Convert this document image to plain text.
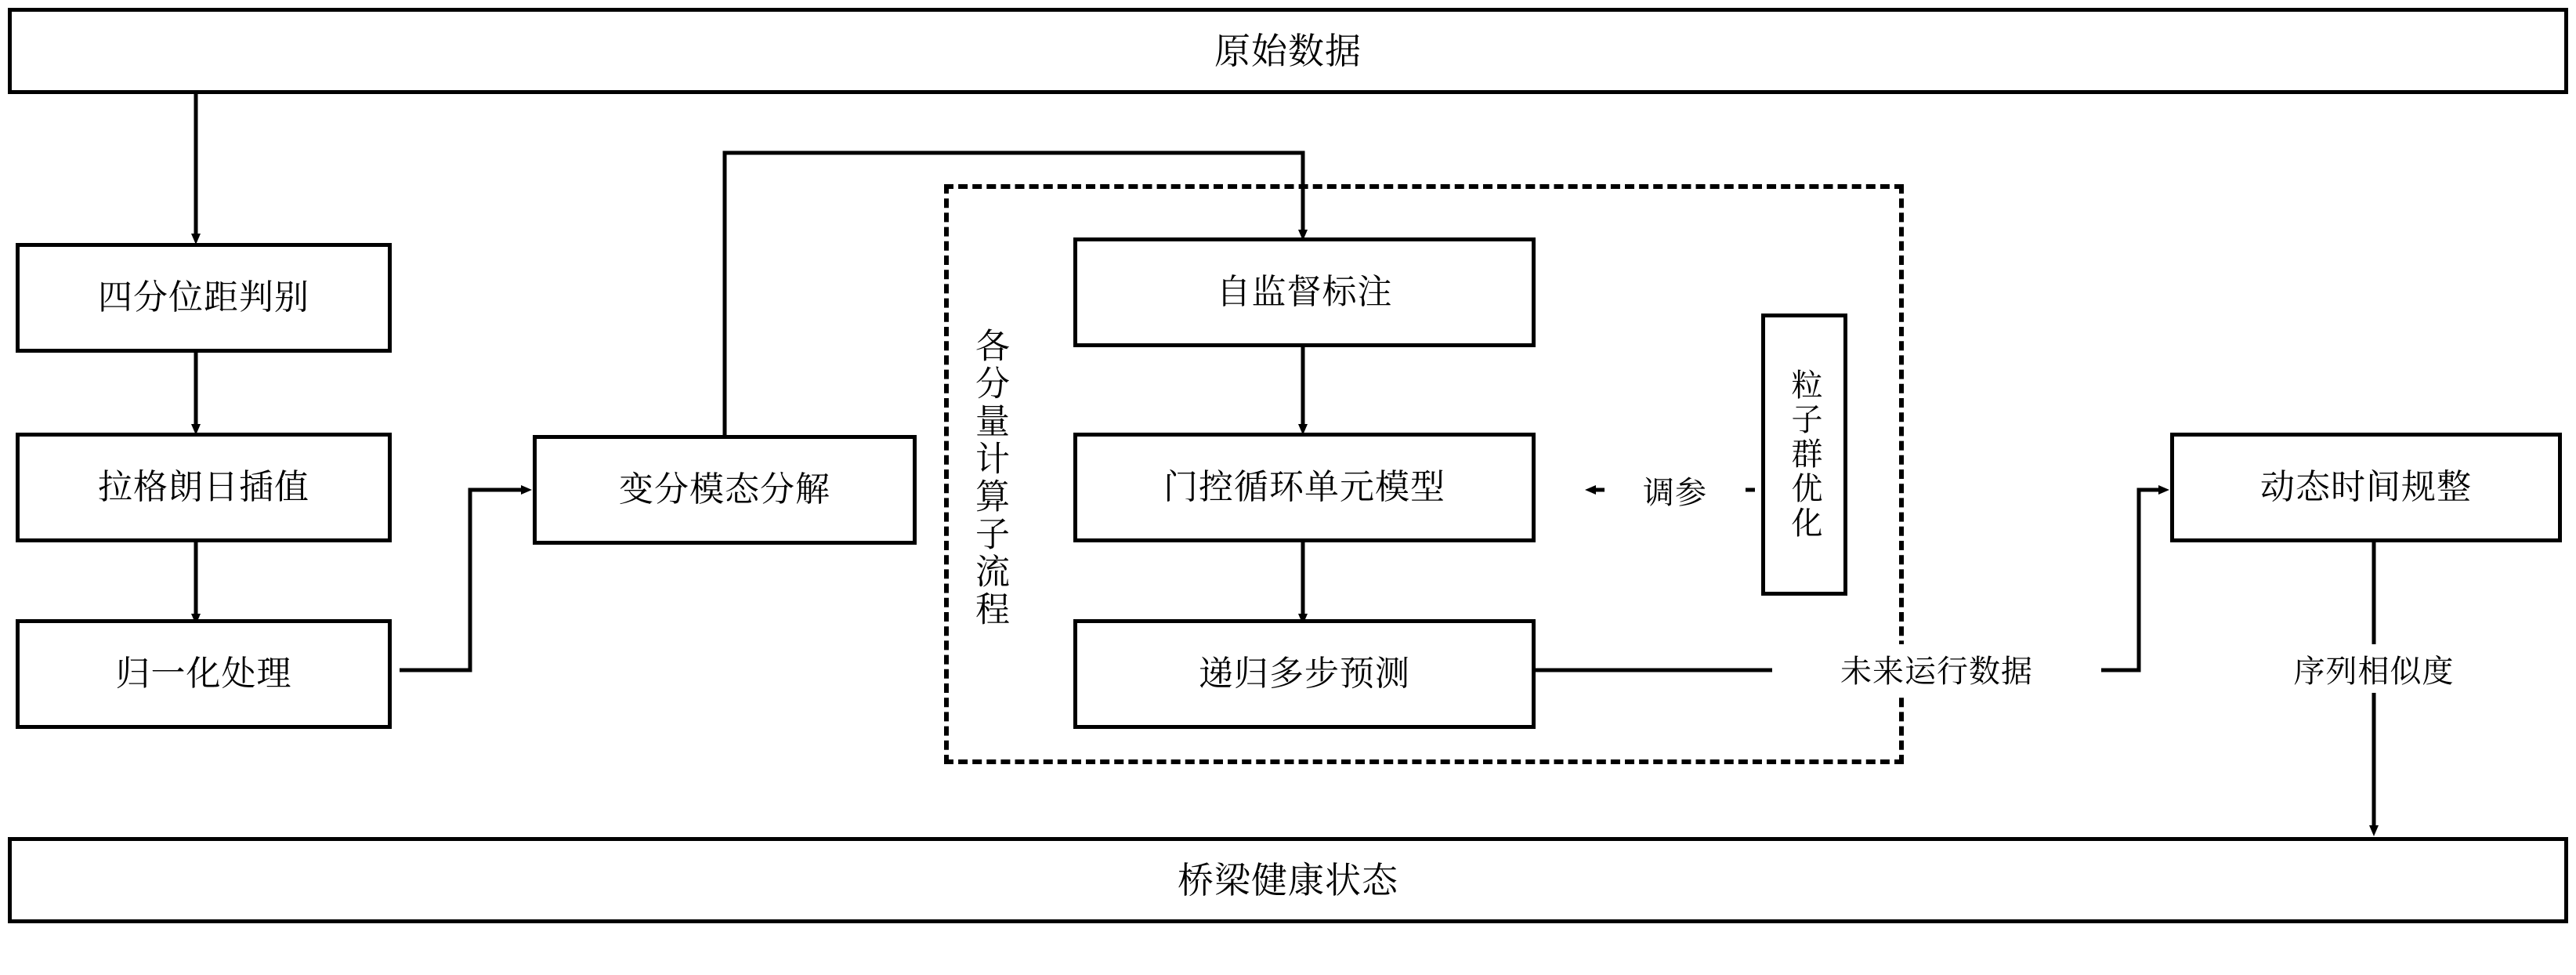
各分量计算子流程
原始数据
四分位距判别
拉格朗日插值
归一化处理
变分模态分解
自监督标注
门控循环单元模型
递归多步预测
粒子群优化	动态时间规整
桥梁健康状态
调参
未来运行数据	序列相似度
